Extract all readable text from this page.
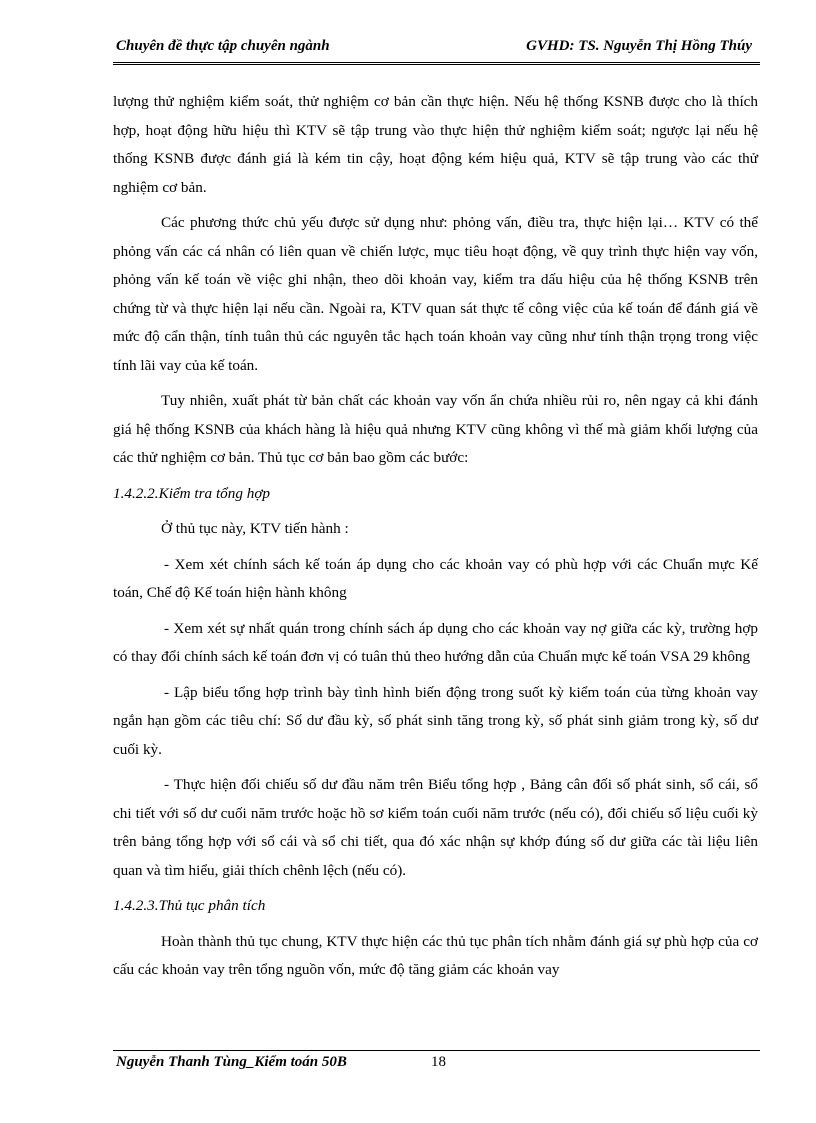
Chuyên đề thực tập chuyên ngành	GVHD: TS. Nguyễn Thị Hồng Thúy

lượng thử nghiệm kiểm soát, thử nghiệm cơ bản cần thực hiện. Nếu hệ thống KSNB được cho là thích hợp, hoạt động hữu hiệu thì KTV sẽ tập trung vào thực hiện thử nghiệm kiểm soát; ngược lại nếu hệ thống KSNB được đánh giá là kém tin cậy, hoạt động kém hiệu quả, KTV sẽ tập trung vào các thử nghiệm cơ bản.

Các phương thức chủ yếu được sử dụng như: phỏng vấn, điều tra, thực hiện lại… KTV có thể phỏng vấn các cá nhân có liên quan về chiến lược, mục tiêu hoạt động, về quy trình thực hiện vay vốn, phỏng vấn kế toán về việc ghi nhận, theo dõi khoản vay, kiểm tra dấu hiệu của hệ thống KSNB trên chứng từ và thực hiện lại nếu cần. Ngoài ra, KTV quan sát thực tế công việc của kế toán để đánh giá về mức độ cẩn thận, tính tuân thủ các nguyên tắc hạch toán khoản vay cũng như tính thận trọng trong việc tính lãi vay của kế toán.

Tuy nhiên, xuất phát từ bản chất các khoản vay vốn ẩn chứa nhiều rủi ro, nên ngay cả khi đánh giá hệ thống KSNB của khách hàng là hiệu quả nhưng KTV cũng không vì thế mà giảm khối lượng của các thử nghiệm cơ bản. Thủ tục cơ bản bao gồm các bước:

1.4.2.2.Kiểm tra tổng hợp

Ở thủ tục này, KTV tiến hành :

- Xem xét chính sách kế toán áp dụng cho các khoản vay có phù hợp với các Chuẩn mực Kế toán, Chế độ Kế toán hiện hành không

- Xem xét sự nhất quán trong chính sách áp dụng cho các khoản vay nợ giữa các kỳ, trường hợp có thay đổi chính sách kế toán đơn vị có tuân thủ theo hướng dẫn của Chuẩn mực kế toán VSA 29 không

- Lập biểu tổng hợp trình bày tình hình biến động trong suốt kỳ kiểm toán của từng khoản vay ngắn hạn gồm các tiêu chí: Số dư đầu kỳ, số phát sinh tăng trong kỳ, số phát sinh giảm trong kỳ, số dư cuối kỳ.

- Thực hiện đối chiếu số dư đầu năm trên Biểu tổng hợp , Bảng cân đối số phát sinh, sổ cái, sổ chi tiết với số dư cuối năm trước hoặc hồ sơ kiểm toán cuối năm trước (nếu có), đối chiếu số liệu cuối kỳ trên bảng tổng hợp với sổ cái và sổ chi tiết, qua đó xác nhận sự khớp đúng số dư giữa các tài liệu liên quan và tìm hiểu, giải thích chênh lệch (nếu có).

1.4.2.3.Thủ tục phân tích

Hoàn thành thủ tục chung, KTV thực hiện các thủ tục phân tích nhằm đánh giá sự phù hợp của cơ cấu các khoản vay trên tổng nguồn vốn, mức độ tăng giảm các khoản vay

Nguyễn Thanh Tùng_Kiểm toán 50B	18
